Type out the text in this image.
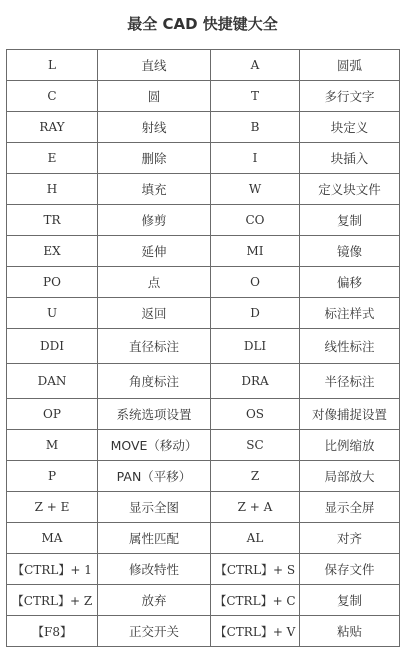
最全 CAD 快捷键大全
L	直线	A	圆弧
C	圆	T	多行文字
RAY	射线	B	块定义
E	删除	I	块插入
H	填充	W	定义块文件
TR	修剪	CO	复制
EX	延伸	MI	镜像
PO	点	O	偏移
U	返回	D	标注样式
DDI	直径标注	DLI	线性标注
DAN	角度标注	DRA	半径标注
OP	系统选项设置	OS	对像捕捉设置
M	MOVE（移动）	SC	比例缩放
P	PAN（平移）	Z	局部放大
Z + E	显示全图	Z + A	显示全屏
MA	属性匹配	AL	对齐
【CTRL】+ 1	修改特性	【CTRL】+ S	保存文件
【CTRL】+ Z	放弃	【CTRL】+ C	复制
【F8】	正交开关	【CTRL】+ V	粘贴
